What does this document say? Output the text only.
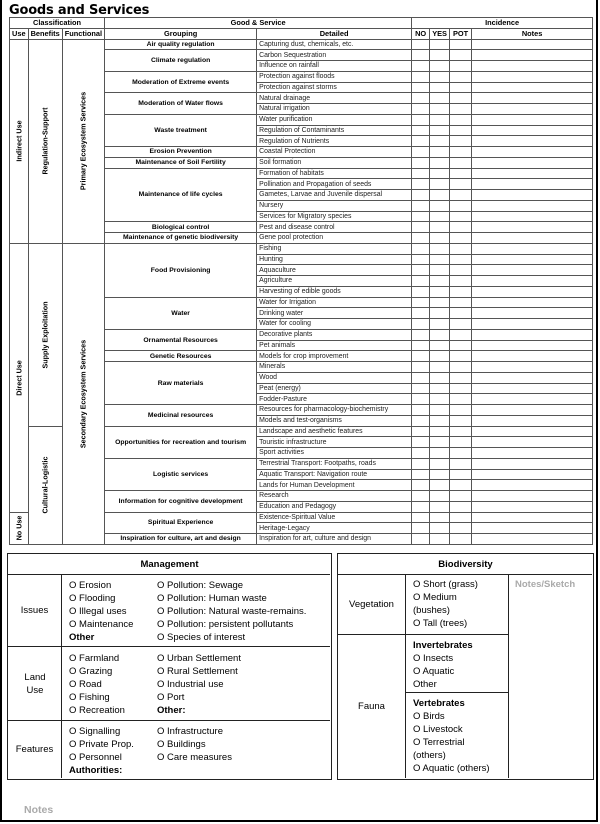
Goods and Services
Classification			Good & Service		Incidence			
Use	Benefits	Functional	Grouping	Detailed	NO	YES	POT	Notes

Indirect Use	Regulation-Support	Primary Ecosystem Services	Air quality regulation	Capturing dust, chemicals, etc.				
			Climate regulation	Carbon Sequestration				
				Influence on rainfall				
			Moderation of Extreme events	Protection against floods				
				Protection against storms				
			Moderation of Water flows	Natural drainage				
				Natural irrigation				
			Waste treatment	Water purification				
				Regulation of Contaminants				
				Regulation of Nutrients				
			Erosion Prevention	Coastal Protection				
			Maintenance of Soil Fertility	Soil formation				
			Maintenance of life cycles	Formation of habitats				
				Pollination and Propagation of seeds				
				Gametes, Larvae and Juvenile dispersal				
				Nursery				
				Services for Migratory species				
			Biological control	Pest and disease control				
			Maintenance of genetic biodiversity	Gene pool protection				

Direct Use	Supply Exploitation	Secondary Ecosystem Services	Food Provisioning	Fishing				
				Hunting				
				Aquaculture				
				Agriculture				
				Harvesting of edible goods				
			Water	Water for Irrigation				
				Drinking water				
				Water for cooling				
			Ornamental Resources	Decorative plants				
				Pet animals				
			Genetic Resources	Models for crop improvement				
			Raw materials	Minerals				
				Wood				
				Peat (energy)				
				Fodder-Pasture				
			Medicinal resources	Resources for pharmacology-biochemistry				
				Models and test-organisms				

	Cultural-Logistic		Opportunities for recreation and tourism	Landscape and aesthetic features				
				Touristic infrastructure				
				Sport activities				
			Logistic services	Terrestrial Transport: Footpaths, roads				
				Aquatic Transport: Navigation route				
				Lands for Human Development				
			Information for cognitive development	Research				
				Education and Pedagogy				

No Use			Spiritual Experience	Existence-Spiritual Value				
				Heritage-Legacy				
			Inspiration for culture, art and design	Inspiration for art, culture and design				
Management
Issues
O Erosion
O Flooding
O Illegal uses
O Maintenance
Other
O Pollution: Sewage
O Pollution: Human waste
O Pollution: Natural waste-remains.
O Pollution: persistent pollutants
O Species of interest
Land Use
O Farmland
O Grazing
O Road
O Fishing
O Recreation
O Urban Settlement
O Rural Settlement
O Industrial use
O Port
Other:
Features
O Signalling
O Private Prop.
O Personnel
Authorities:
O Infrastructure
O Buildings
O Care measures
Biodiversity
Vegetation
O Short (grass)
O Medium
(bushes)
O Tall (trees)
Fauna
Invertebrates
O Insects
O Aquatic
Other
Vertebrates
O Birds
O Livestock
O Terrestrial
(others)
O Aquatic (others)
Notes/Sketch
Notes
